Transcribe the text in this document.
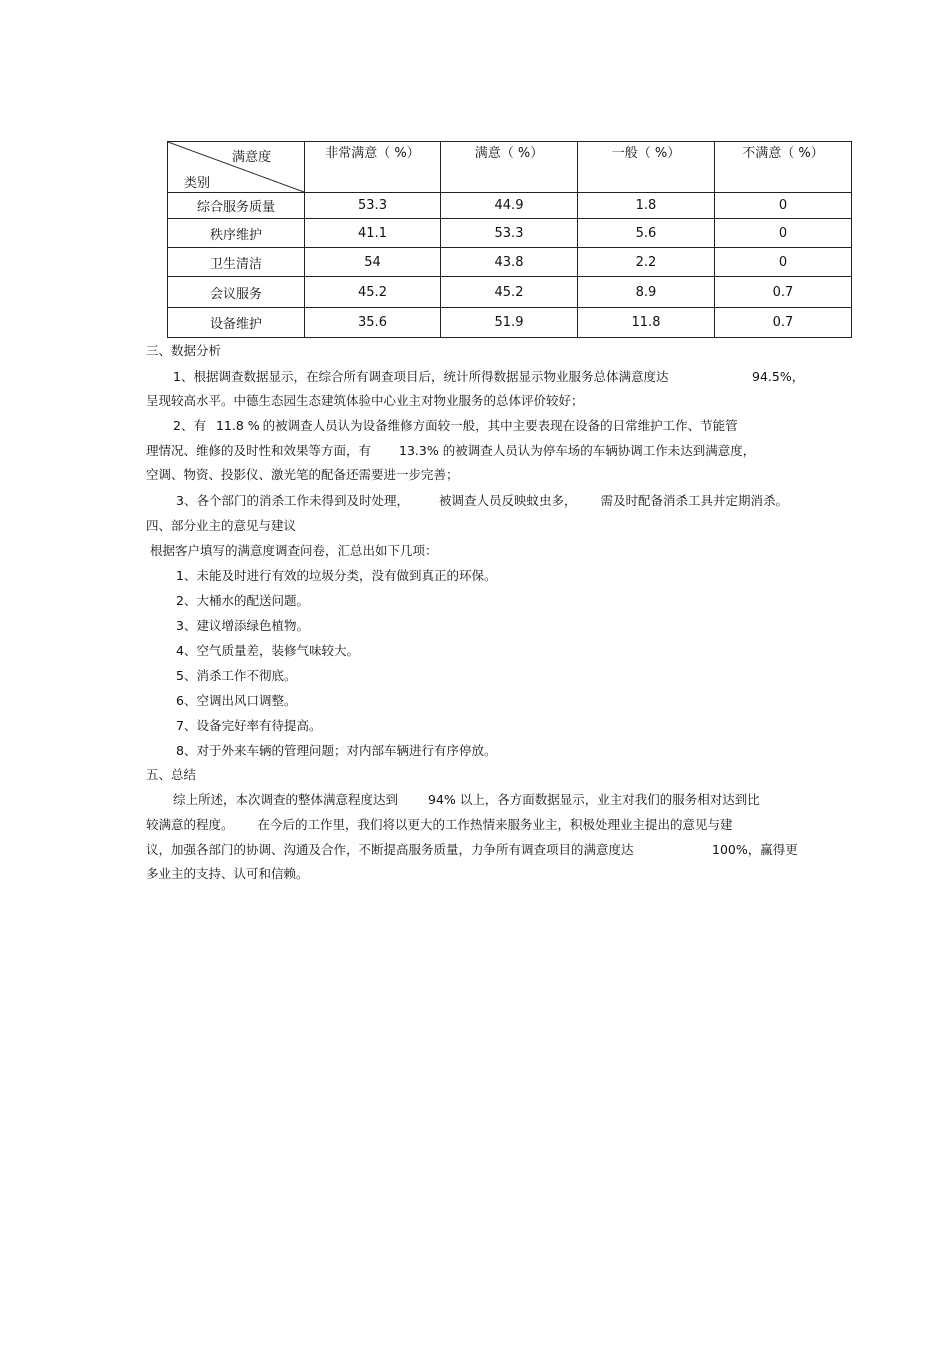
满意度
类别	非常满意（ %）	满意（ %）	一般（ %）	不满意（ %）
综合服务质量	53.3	44.9	1.8	0
秩序维护	41.1	53.3	5.6	0
卫生清洁	54	43.8	2.2	0
会议服务	45.2	45.2	8.9	0.7
设备维护	35.6	51.9	11.8	0.7
三、数据分析
1、根据调查数据显示，在综合所有调查项目后，统计所得数据显示物业服务总体满意度达	94.5%，
呈现较高水平。中德生态园生态建筑体验中心业主对物业服务的总体评价较好；
2、有 11.8 % 的被调查人员认为设备维修方面较一般，其中主要表现在设备的日常维护工作、节能管
理情况、维修的及时性和效果等方面，有 13.3% 的被调查人员认为停车场的车辆协调工作未达到满意度，
空调、物资、投影仪、激光笔的配备还需要进一步完善；
3、各个部门的消杀工作未得到及时处理， 被调查人员反映蚊虫多， 需及时配备消杀工具并定期消杀。
四、部分业主的意见与建议
根据客户填写的满意度调查问卷，汇总出如下几项：
1、未能及时进行有效的垃圾分类，没有做到真正的环保。
2、大桶水的配送问题。
3、建议增添绿色植物。
4、空气质量差，装修气味较大。
5、消杀工作不彻底。
6、空调出风口调整。
7、设备完好率有待提高。
8、对于外来车辆的管理问题；对内部车辆进行有序停放。
五、总结
综上所述，本次调查的整体满意程度达到 94% 以上，各方面数据显示，业主对我们的服务相对达到比
较满意的程度。 在今后的工作里，我们将以更大的工作热情来服务业主，积极处理业主提出的意见与建
议，加强各部门的协调、沟通及合作，不断提高服务质量，力争所有调查项目的满意度达	100%，赢得更
多业主的支持、认可和信赖。
